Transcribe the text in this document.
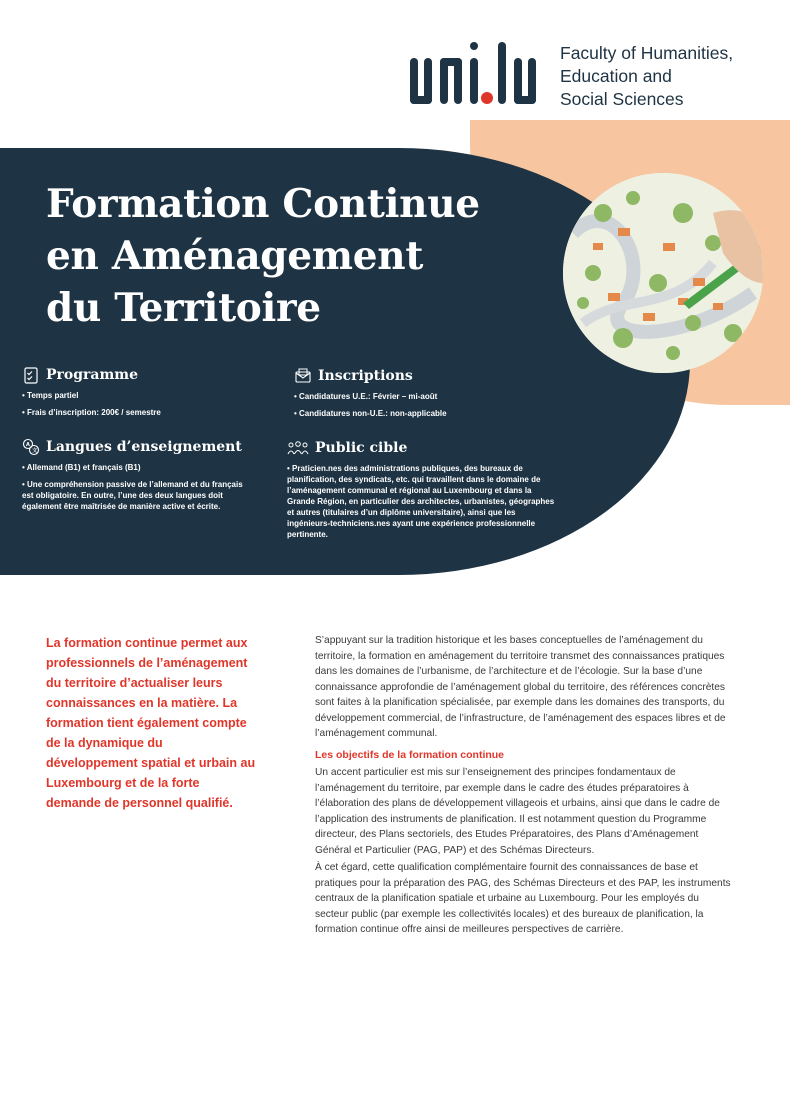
Faculty of Humanities,
Education and
Social Sciences
Formation Continue
en Aménagement
du Territoire
Programme
• Temps partiel
• Frais d’inscription: 200€ / semestre
A
文 Langues d’enseignement
• Allemand (B1) et français (B1)
• Une compréhension passive de l’allemand et du français est obligatoire. En outre, l’une des deux langues doit également être maîtrisée de manière active et écrite.
Inscriptions
• Candidatures U.E.: Février – mi-août
• Candidatures non-U.E.: non-applicable
Public cible
• Praticien.nes des administrations publiques, des bureaux de planification, des syndicats, etc. qui travaillent dans le domaine de l’aménagement communal et régional au Luxembourg et dans la Grande Région, en particulier des architectes, urbanistes, géographes et autres (titulaires d’un diplôme universitaire), ainsi que les ingénieurs-techniciens.nes ayant une expérience professionnelle pertinente.

La formation continue permet aux professionnels de l’aménagement du territoire d’actualiser leurs connaissances en la matière. La formation tient également compte de la dynamique du développement spatial et urbain au Luxembourg et de la forte demande de personnel qualifié.

S’appuyant sur la tradition historique et les bases conceptuelles de l’aménagement du territoire, la formation en aménagement du territoire transmet des connaissances pratiques dans les domaines de l’urbanisme, de l’architecture et de l’écologie. Sur la base d’une connaissance approfondie de l’aménagement global du territoire, des références concrètes sont faites à la planification spécialisée, par exemple dans les domaines des transports, du développement commercial, de l’infrastructure, de l’aménagement des espaces libres et de l’aménagement communal.

Les objectifs de la formation continue

Un accent particulier est mis sur l’enseignement des principes fondamentaux de l’aménagement du territoire, par exemple dans le cadre des études préparatoires à l’élaboration des plans de développement villageois et urbains, ainsi que dans le cadre de l’application des instruments de planification. Il est notamment question du Programme directeur, des Plans sectoriels, des Etudes Préparatoires, des Plans d’Aménagement Général et Particulier (PAG, PAP) et des Schémas Directeurs.

À cet égard, cette qualification complémentaire fournit des connaissances de base et pratiques pour la préparation des PAG, des Schémas Directeurs et des PAP, les instruments centraux de la planification spatiale et urbaine au Luxembourg. Pour les employés du secteur public (par exemple les collectivités locales) et des bureaux de planification, la formation continue offre ainsi de meilleures perspectives de carrière.
